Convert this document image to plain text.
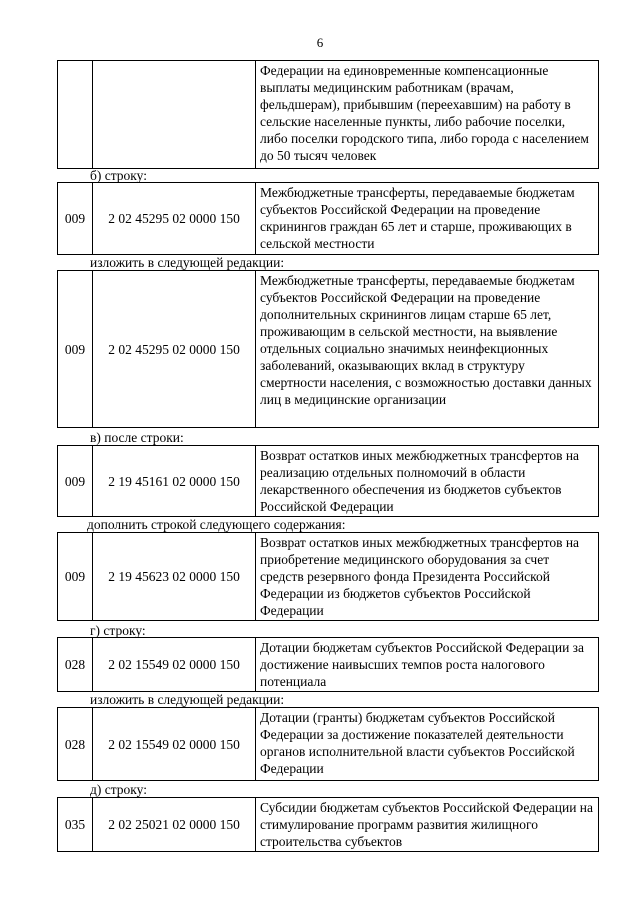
6
		Федерации на единовременные компенсационные выплаты медицинским работникам (врачам, фельдшерам), прибывшим (переехавшим) на работу в сельские населенные пункты, либо рабочие поселки, либо поселки городского типа, либо города с населением до 50 тысяч человек
б) строку:
009	2 02 45295 02 0000 150	Межбюджетные трансферты, передаваемые бюджетам субъектов Российской Федерации на проведение скринингов граждан 65 лет и старше, проживающих в сельской местности
изложить в следующей редакции:
009	2 02 45295 02 0000 150	Межбюджетные трансферты, передаваемые бюджетам субъектов Российской Федерации на проведение дополнительных скринингов лицам старше 65 лет, проживающим в сельской местности, на выявление отдельных социально значимых неинфекционных заболеваний, оказывающих вклад в структуру смертности населения, с возможностью доставки данных лиц в медицинские организации
в) после строки:
009	2 19 45161 02 0000 150	Возврат остатков иных межбюджетных трансфертов на реализацию отдельных полномочий в области лекарственного обеспечения из бюджетов субъектов Российской Федерации
дополнить строкой следующего содержания:
009	2 19 45623 02 0000 150	Возврат остатков иных межбюджетных трансфертов на приобретение медицинского оборудования за счет средств резервного фонда Президента Российской Федерации из бюджетов субъектов Российской Федерации
г) строку:
028	2 02 15549 02 0000 150	Дотации бюджетам субъектов Российской Федерации за достижение наивысших темпов роста налогового потенциала
изложить в следующей редакции:
028	2 02 15549 02 0000 150	Дотации (гранты) бюджетам субъектов Российской Федерации за достижение показателей деятельности органов исполнительной власти субъектов Российской Федерации
д) строку:
035	2 02 25021 02 0000 150	Субсидии бюджетам субъектов Российской Федерации на стимулирование программ развития жилищного строительства субъектов
